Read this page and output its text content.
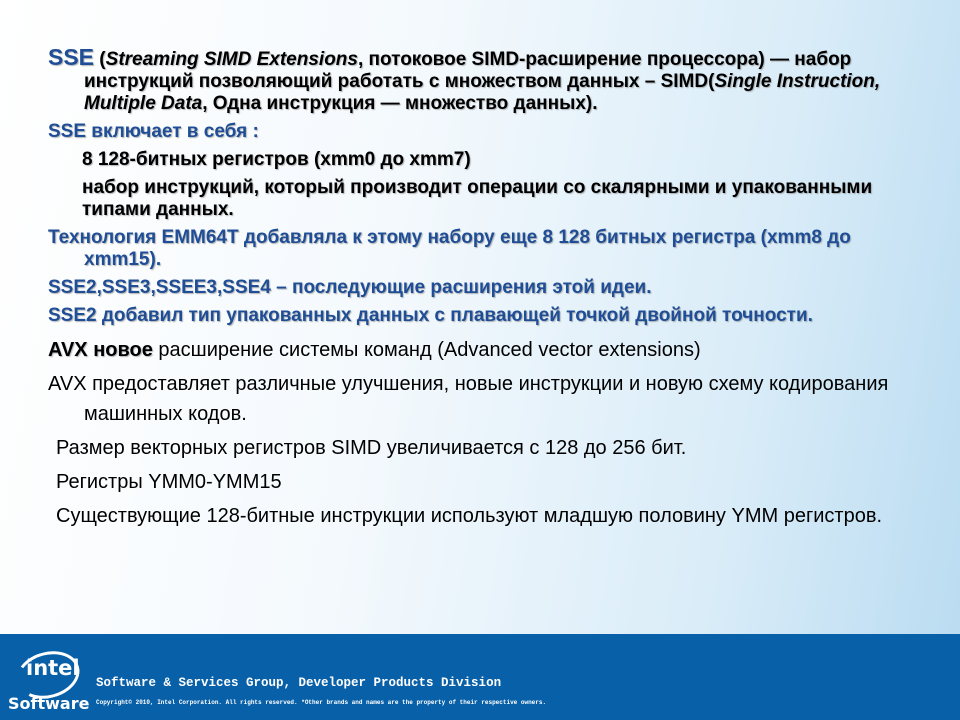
SSE (Streaming SIMD Extensions, потоковое SIMD-расширение процессора) — набор инструкций позволяющий работать с множеством данных – SIMD(Single Instruction, Multiple Data, Одна инструкция — множество данных).

SSE включает в себя :

8 128-битных регистров (xmm0 до xmm7)

набор инструкций, который производит операции со скалярными и упакованными типами данных.

Технология EMM64T добавляла к этому набору еще 8 128 битных регистра (xmm8 до xmm15).

SSE2,SSE3,SSEE3,SSE4 – последующие расширения этой идеи.

SSE2 добавил тип упакованных данных с плавающей точкой двойной точности.

AVX новое расширение системы команд (Advanced vector extensions)

AVX предоставляет различные улучшения, новые инструкции и новую схему кодирования машинных кодов.

Размер векторных регистров SIMD увеличивается с 128 до 256 бит.

Регистры YMM0-YMM15

Существующие 128-битные инструкции используют младшую половину YMM регистров.

intel
Software
Software & Services Group, Developer Products Division
Copyright© 2010, Intel Corporation. All rights reserved. *Other brands and names are the property of their respective owners.
